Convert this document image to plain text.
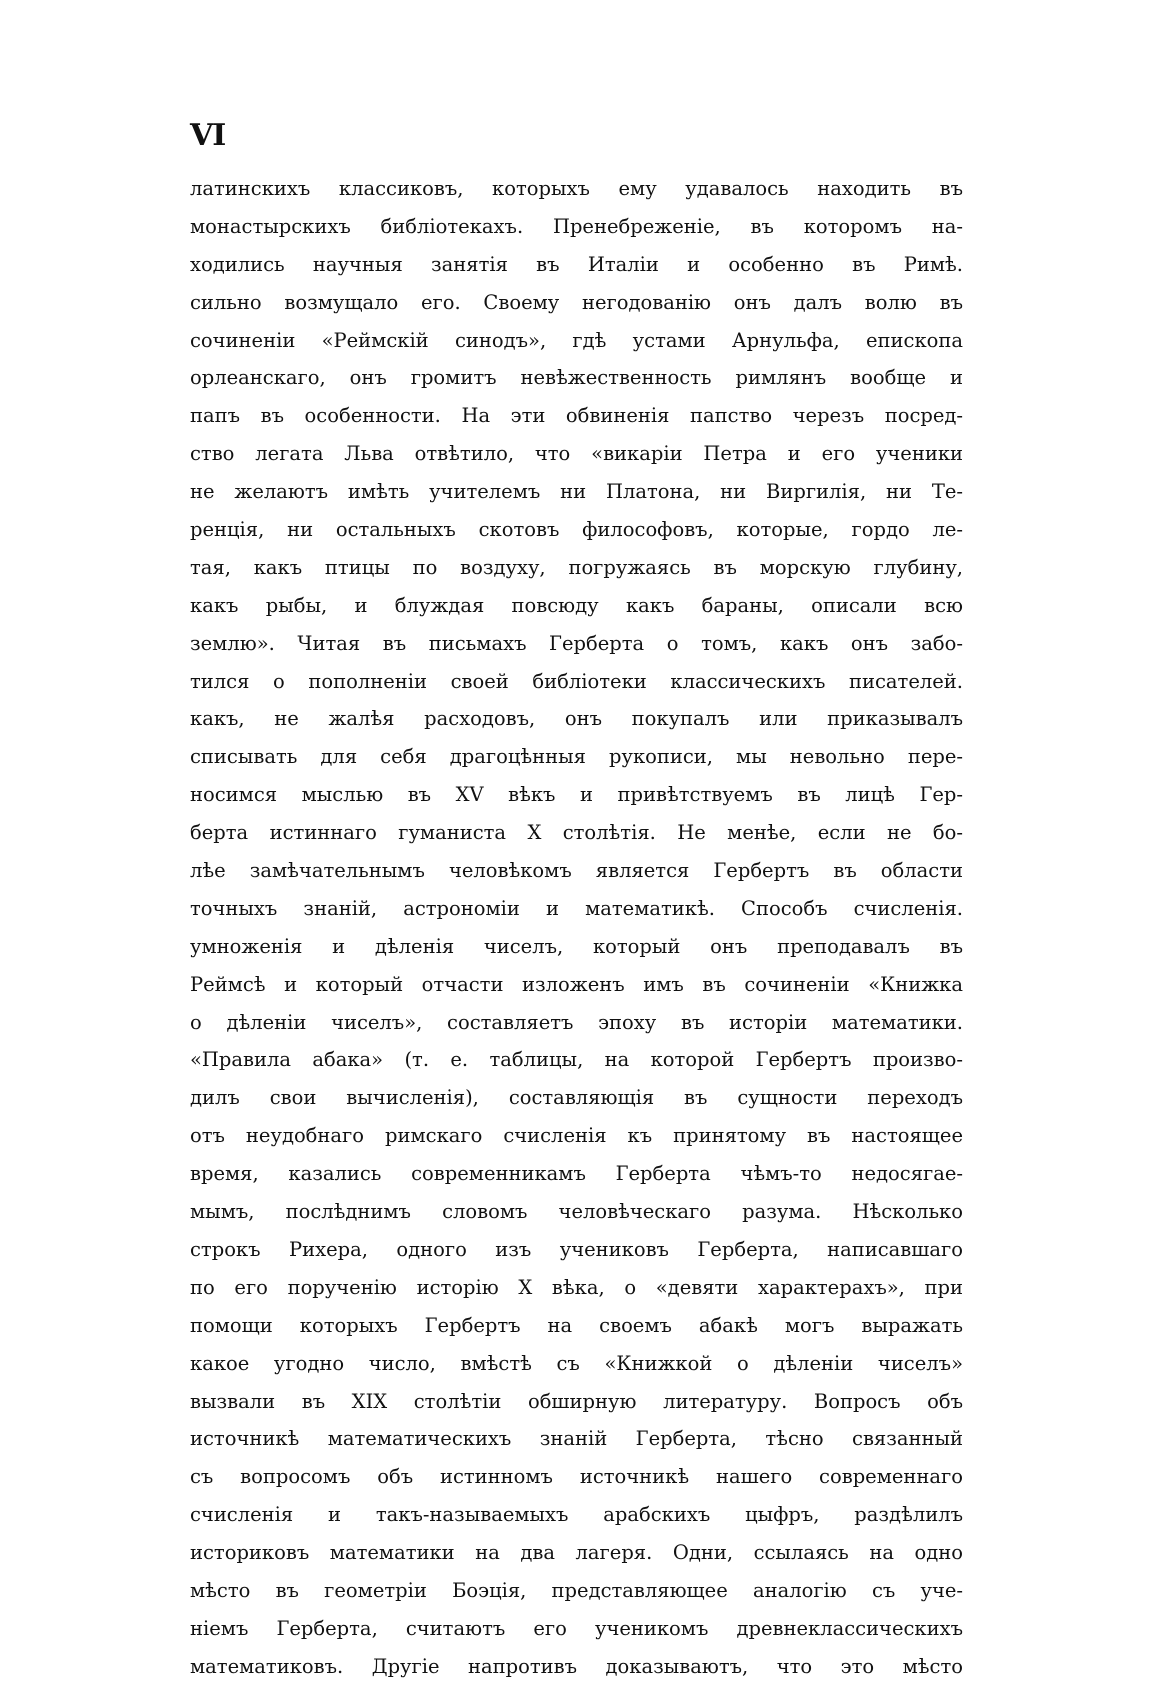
VI
латинскихъ классиковъ, которыхъ ему удавалось находить въ
монастырскихъ библіотекахъ. Пренебреженіе, въ которомъ на-
ходились научныя занятія въ Италіи и особенно въ Римѣ.
сильно возмущало его. Своему негодованію онъ далъ волю въ
сочиненіи «Реймскій синодъ», гдѣ устами Арнульфа, епископа
орлеанскаго, онъ громитъ невѣжественность римлянъ вообще и
папъ въ особенности. На эти обвиненія папство черезъ посред-
ство легата Льва отвѣтило, что «викаріи Петра и его ученики
не желаютъ имѣть учителемъ ни Платона, ни Виргилія, ни Те-
ренція, ни остальныхъ скотовъ философовъ, которые, гордо ле-
тая, какъ птицы по воздуху, погружаясь въ морскую глубину,
какъ рыбы, и блуждая повсюду какъ бараны, описали всю
землю». Читая въ письмахъ Герберта о томъ, какъ онъ забо-
тился о пополненіи своей библіотеки классическихъ писателей.
какъ, не жалѣя расходовъ, онъ покупалъ или приказывалъ
списывать для себя драгоцѣнныя рукописи, мы невольно пере-
носимся мыслью въ XV вѣкъ и привѣтствуемъ въ лицѣ Гер-
берта истиннаго гуманиста X столѣтія. Не менѣе, если не бо-
лѣе замѣчательнымъ человѣкомъ является Гербертъ въ области
точныхъ знаній, астрономіи и математикѣ. Способъ счисленія.
умноженія и дѣленія чиселъ, который онъ преподавалъ въ
Реймсѣ и который отчасти изложенъ имъ въ сочиненіи «Книжка
о дѣленіи чиселъ», составляетъ эпоху въ исторіи математики.
«Правила абака» (т. е. таблицы, на которой Гербертъ произво-
дилъ свои вычисленія), составляющія въ сущности переходъ
отъ неудобнаго римскаго счисленія къ принятому въ настоящее
время, казались современникамъ Герберта чѣмъ-то недосягае-
мымъ, послѣднимъ словомъ человѣческаго разума. Нѣсколько
строкъ Рихера, одного изъ учениковъ Герберта, написавшаго
по его порученію исторію X вѣка, о «девяти характерахъ», при
помощи которыхъ Гербертъ на своемъ абакѣ могъ выражать
какое угодно число, вмѣстѣ съ «Книжкой о дѣленіи чиселъ»
вызвали въ XIX столѣтіи обширную литературу. Вопросъ объ
источникѣ математическихъ знаній Герберта, тѣсно связанный
съ вопросомъ объ истинномъ источникѣ нашего современнаго
счисленія и такъ-называемыхъ арабскихъ цыфръ, раздѣлилъ
историковъ математики на два лагеря. Одни, ссылаясь на одно
мѣсто въ геометріи Боэція, представляющее аналогію съ уче-
ніемъ Герберта, считаютъ его ученикомъ древнеклассическихъ
математиковъ. Другіе напротивъ доказываютъ, что это мѣсто
